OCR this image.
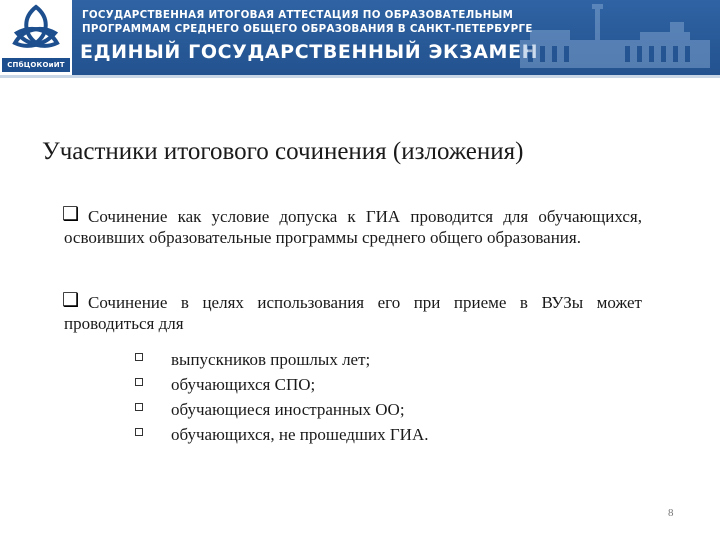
СПбЦОКОиИТ
ГОСУДАРСТВЕННАЯ ИТОГОВАЯ АТТЕСТАЦИЯ ПО ОБРАЗОВАТЕЛЬНЫМ
ПРОГРАММАМ СРЕДНЕГО ОБЩЕГО ОБРАЗОВАНИЯ В САНКТ-ПЕТЕРБУРГЕ
ЕДИНЫЙ ГОСУДАРСТВЕННЫЙ ЭКЗАМЕН
Участники итогового сочинения (изложения)
❑ Сочинение как условие допуска к ГИА проводится для обучающихся, освоивших образовательные программы среднего общего образования.
❑ Сочинение в целях использования его при приеме в ВУЗы может проводиться для
выпускников прошлых лет;
обучающихся СПО;
обучающиеся иностранных ОО;
обучающихся, не прошедших ГИА.
8
